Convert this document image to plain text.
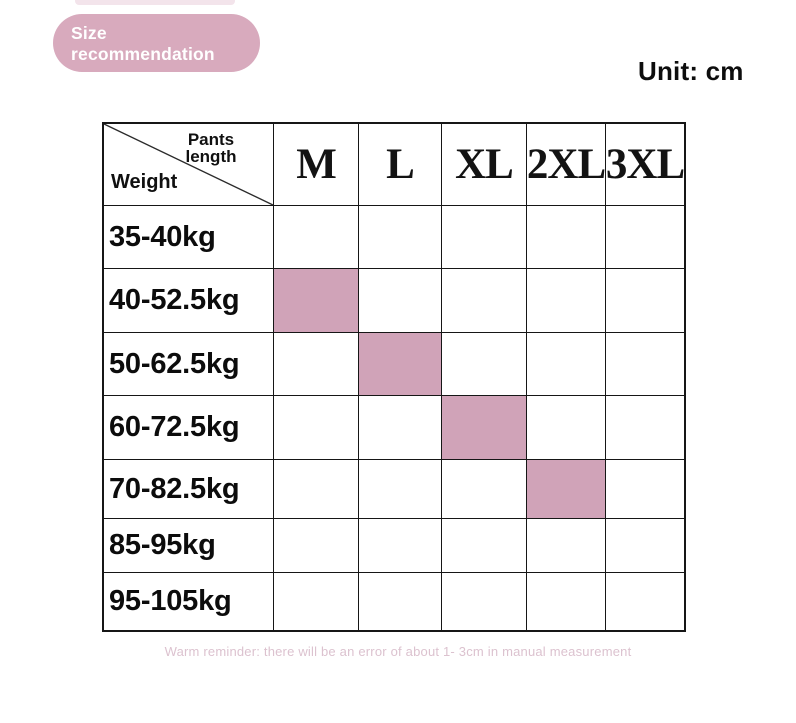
Size
recommendation
Unit: cm
Pants
length
Weight	M	L XL 2XL 3XL
35-40kg
40-52.5kg
50-62.5kg
60-72.5kg
70-82.5kg
85-95kg
95-105kg
Warm reminder: there will be an error of about 1- 3cm in manual measurement
